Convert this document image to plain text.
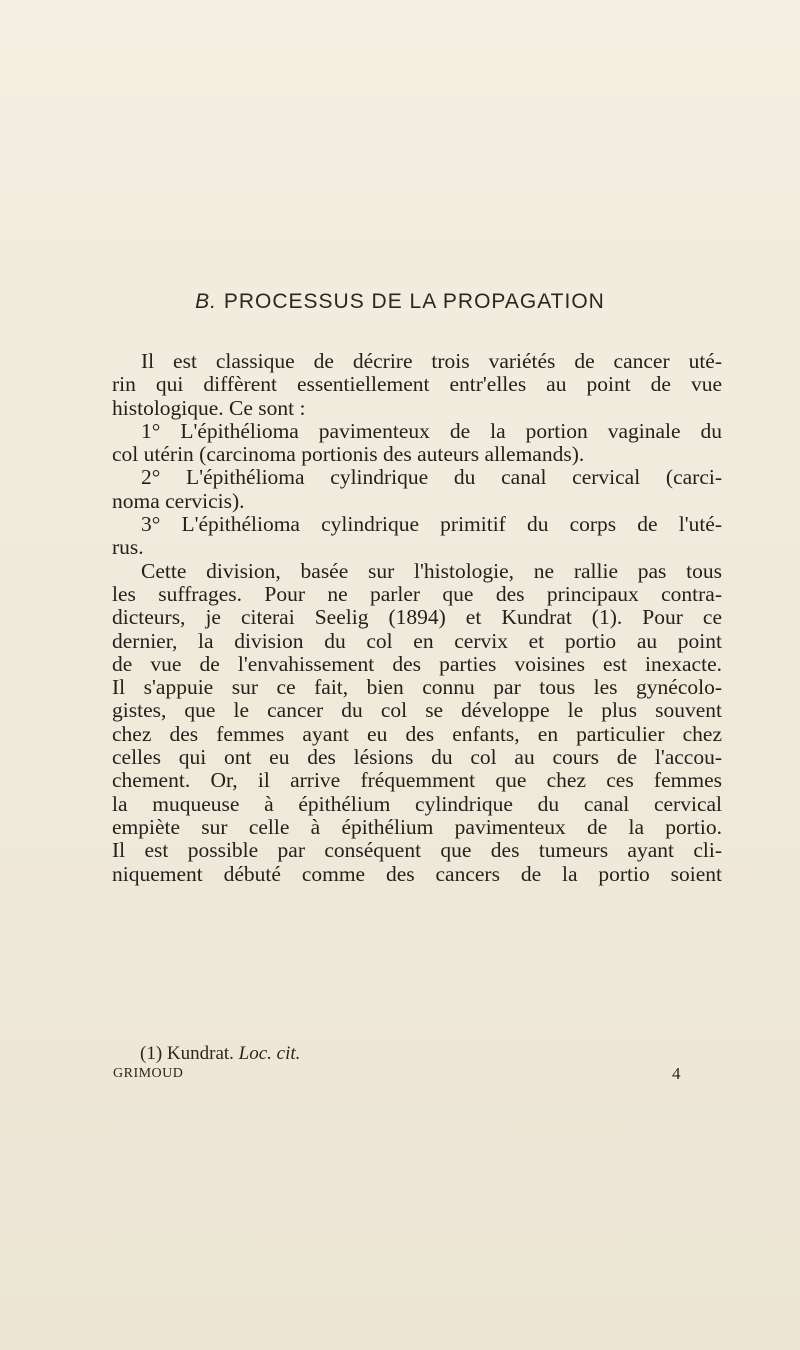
B. PROCESSUS DE LA PROPAGATION
Il est classique de décrire trois variétés de cancer uté-
rin qui diffèrent essentiellement entr'elles au point de vue
histologique. Ce sont :
1° L'épithélioma pavimenteux de la portion vaginale du
col utérin (carcinoma portionis des auteurs allemands).
2° L'épithélioma cylindrique du canal cervical (carci-
noma cervicis).
3° L'épithélioma cylindrique primitif du corps de l'uté-
rus.
Cette division, basée sur l'histologie, ne rallie pas tous
les suffrages. Pour ne parler que des principaux contra-
dicteurs, je citerai Seelig (1894) et Kundrat (1). Pour ce
dernier, la division du col en cervix et portio au point
de vue de l'envahissement des parties voisines est inexacte.
Il s'appuie sur ce fait, bien connu par tous les gynécolo-
gistes, que le cancer du col se développe le plus souvent
chez des femmes ayant eu des enfants, en particulier chez
celles qui ont eu des lésions du col au cours de l'accou-
chement. Or, il arrive fréquemment que chez ces femmes
la muqueuse à épithélium cylindrique du canal cervical
empiète sur celle à épithélium pavimenteux de la portio.
Il est possible par conséquent que des tumeurs ayant cli-
niquement débuté comme des cancers de la portio soient
(1) Kundrat. Loc. cit.
GRIMOUD	4
